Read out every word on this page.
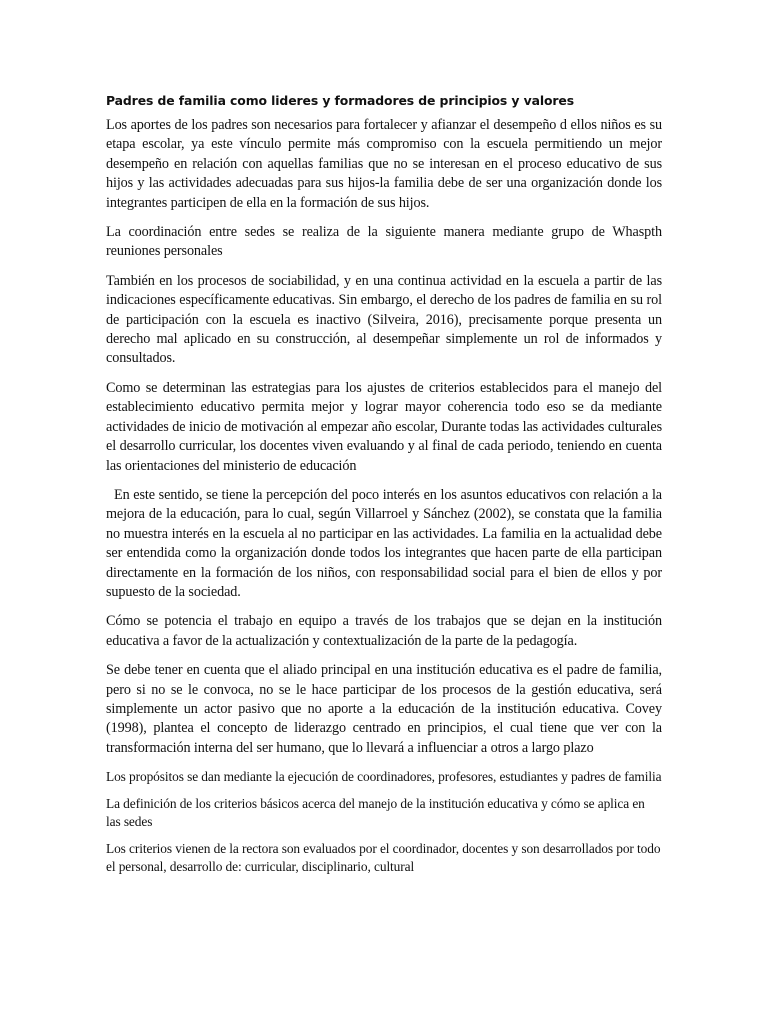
Padres de familia como lideres y formadores de principios y valores

Los aportes de los padres son necesarios para fortalecer y afianzar el desempeño d ellos niños es su etapa escolar, ya este vínculo permite más compromiso con la escuela permitiendo un mejor desempeño en relación con aquellas familias que no se interesan en el proceso educativo de sus hijos y las actividades adecuadas para sus hijos-la familia debe de ser una organización donde los integrantes participen de ella en la formación de sus hijos.

La coordinación entre sedes se realiza de la siguiente manera mediante grupo de Whaspth reuniones personales

También en los procesos de sociabilidad, y en una continua actividad en la escuela a partir de las indicaciones específicamente educativas. Sin embargo, el derecho de los padres de familia en su rol de participación con la escuela es inactivo (Silveira, 2016), precisamente porque presenta un derecho mal aplicado en su construcción, al desempeñar simplemente un rol de informados y consultados.

Como se determinan las estrategias para los ajustes de criterios establecidos para el manejo del establecimiento educativo permita mejor y lograr mayor coherencia todo eso se da mediante actividades de inicio de motivación al empezar año escolar, Durante todas las actividades culturales el desarrollo curricular, los docentes viven evaluando y al final de cada periodo, teniendo en cuenta las orientaciones del ministerio de educación

En este sentido, se tiene la percepción del poco interés en los asuntos educativos con relación a la mejora de la educación, para lo cual, según Villarroel y Sánchez (2002), se constata que la familia no muestra interés en la escuela al no participar en las actividades. La familia en la actualidad debe ser entendida como la organización donde todos los integrantes que hacen parte de ella participan directamente en la formación de los niños, con responsabilidad social para el bien de ellos y por supuesto de la sociedad.

Cómo se potencia el trabajo en equipo a través de los trabajos que se dejan en la institución educativa a favor de la actualización y contextualización de la parte de la pedagogía.

Se debe tener en cuenta que el aliado principal en una institución educativa es el padre de familia, pero si no se le convoca, no se le hace participar de los procesos de la gestión educativa, será simplemente un actor pasivo que no aporte a la educación de la institución educativa. Covey (1998), plantea el concepto de liderazgo centrado en principios, el cual tiene que ver con la transformación interna del ser humano, que lo llevará a influenciar a otros a largo plazo

Los propósitos se dan mediante la ejecución de coordinadores, profesores, estudiantes y padres de familia

La definición de los criterios básicos acerca del manejo de la institución educativa y cómo se aplica en las sedes

Los criterios vienen de la rectora son evaluados por el coordinador, docentes y son desarrollados por todo el personal, desarrollo de: curricular, disciplinario, cultural
